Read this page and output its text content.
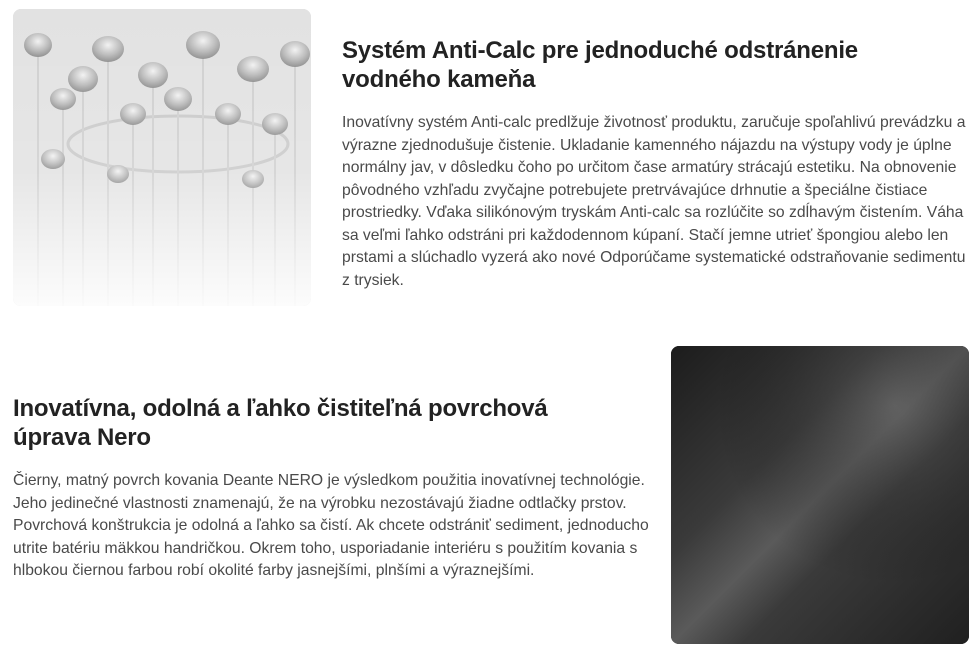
Systém Anti-Calc pre jednoduché odstránenie vodného kameňa

Inovatívny systém Anti-calc predlžuje životnosť produktu, zaručuje spoľahlivú prevádzku a výrazne zjednodušuje čistenie. Ukladanie kamenného nájazdu na výstupy vody je úplne normálny jav, v dôsledku čoho po určitom čase armatúry strácajú estetiku. Na obnovenie pôvodného vzhľadu zvyčajne potrebujete pretrvávajúce drhnutie a špeciálne čistiace prostriedky. Vďaka silikónovým tryskám Anti-calc sa rozlúčite so zdĺhavým čistením. Váha sa veľmi ľahko odstráni pri každodennom kúpaní. Stačí jemne utrieť špongiou alebo len prstami a slúchadlo vyzerá ako nové Odporúčame systematické odstraňovanie sedimentu z trysiek.

Inovatívna, odolná a ľahko čistiteľná povrchová úprava Nero

Čierny, matný povrch kovania Deante NERO je výsledkom použitia inovatívnej technológie. Jeho jedinečné vlastnosti znamenajú, že na výrobku nezostávajú žiadne odtlačky prstov. Povrchová konštrukcia je odolná a ľahko sa čistí. Ak chcete odstrániť sediment, jednoducho utrite batériu mäkkou handričkou. Okrem toho, usporiadanie interiéru s použitím kovania s hlbokou čiernou farbou robí okolité farby jasnejšími, plnšími a výraznejšími.
